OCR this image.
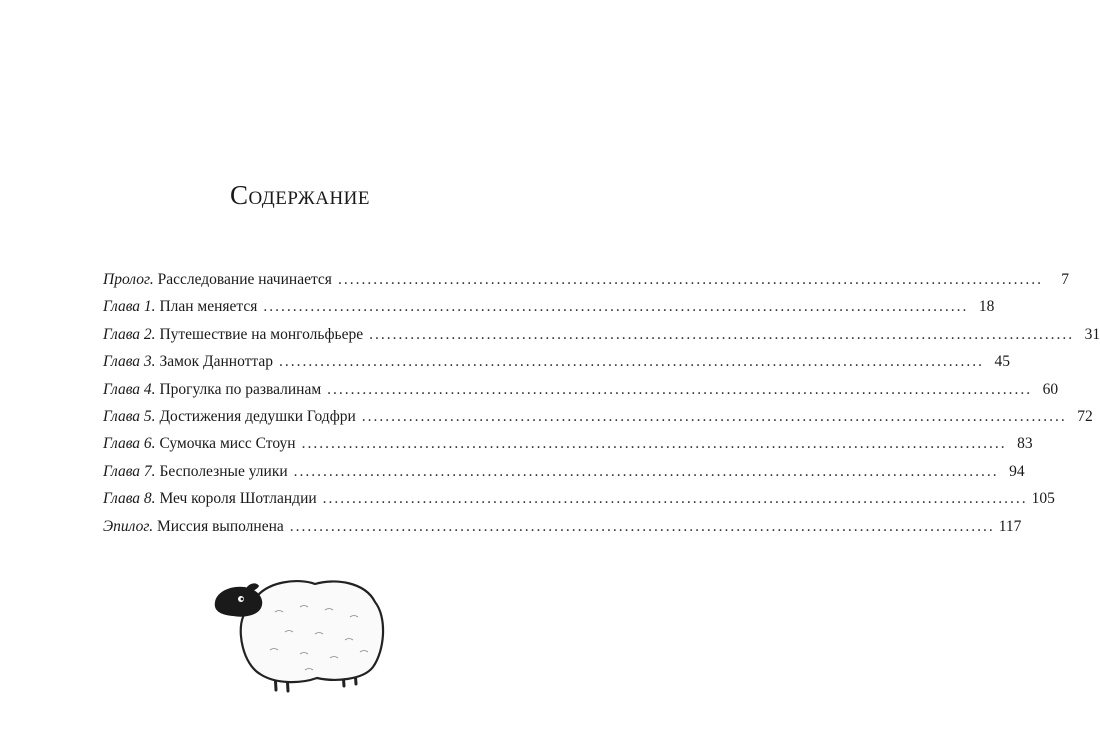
Содержание
Пролог.
Расследование начинается ........................................................................................................................	7
Глава 1.
План меняется ........................................................................................................................ 18
Глава 2.
Путешествие на монгольфьере ........................................................................................................................ 31
Глава 3.
Замок Данноттар ........................................................................................................................ 45
Глава 4.
Прогулка по развалинам ........................................................................................................................ 60
Глава 5.
Достижения дедушки Годфри ........................................................................................................................ 72
Глава 6.
Сумочка мисс Стоун ........................................................................................................................ 83
Глава 7.
Бесполезные улики ........................................................................................................................ 94
Глава 8.
Меч короля Шотландии ........................................................................................................................ 105
Эпилог.
Миссия выполнена ........................................................................................................................ 117
